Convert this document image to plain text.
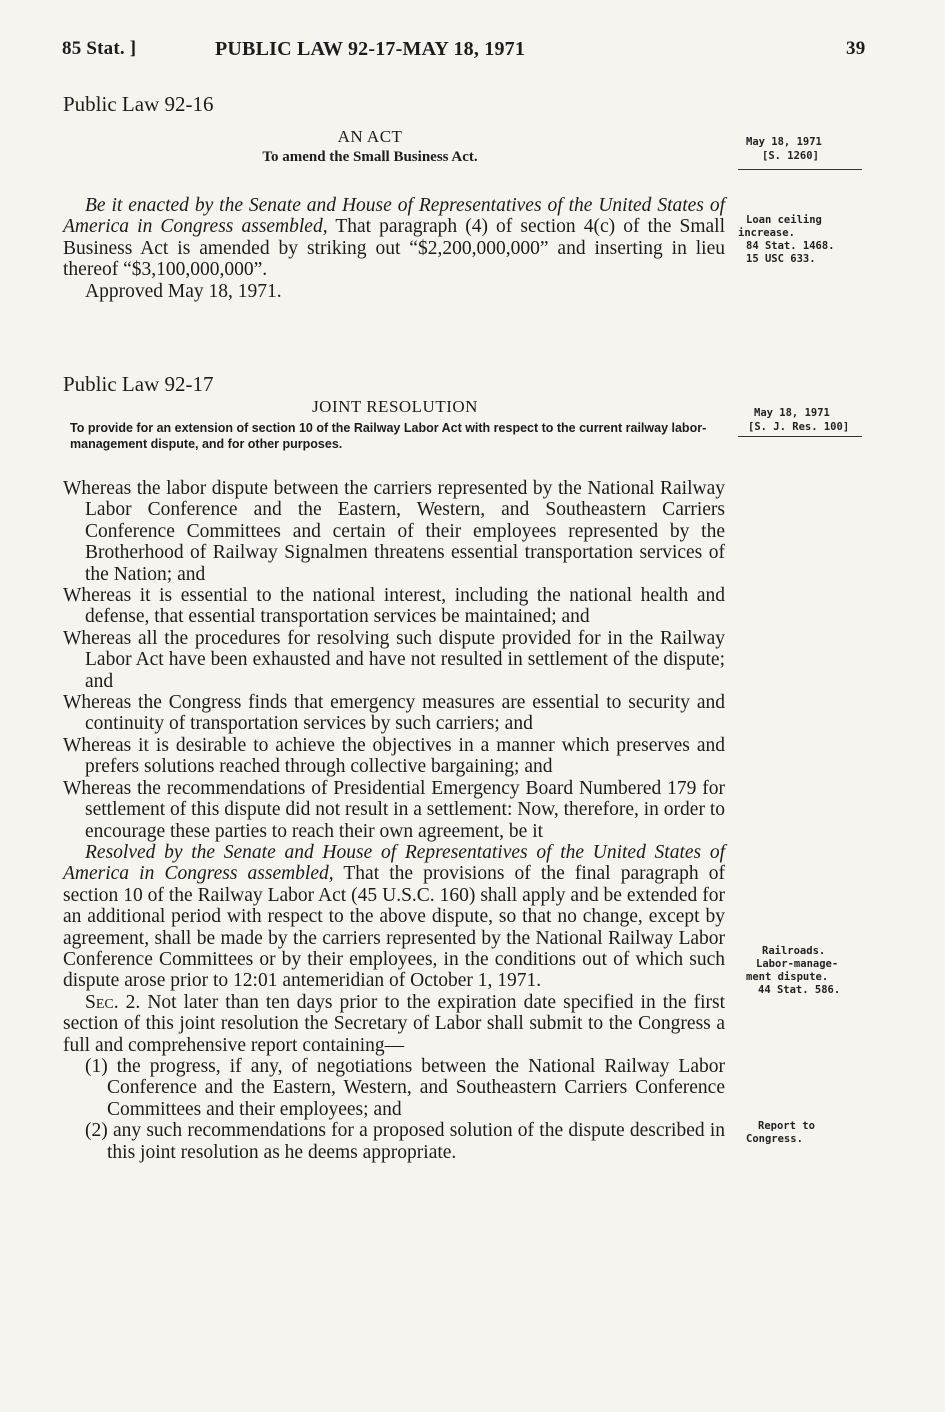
85 Stat. ]	PUBLIC LAW 92-17-MAY 18, 1971	39
Public Law 92-16
AN ACT
To amend the Small Business Act.
May 18, 1971
[S. 1260]

Be it enacted by the Senate and House of Representatives of the United States of America in Congress assembled, That paragraph (4) of section 4(c) of the Small Business Act is amended by striking out “$2,200,000,000” and inserting in lieu thereof “$3,100,000,000”.

Approved May 18, 1971.

Loan ceiling
increase.
84 Stat. 1468.
15 USC 633.
Public Law 92-17
JOINT RESOLUTION
To provide for an extension of section 10 of the Railway Labor Act with respect to the current railway labor-management dispute, and for other purposes.
May 18, 1971
[S. J. Res. 100]

Whereas the labor dispute between the carriers represented by the National Railway Labor Conference and the Eastern, Western, and Southeastern Carriers Conference Committees and certain of their employees represented by the Brotherhood of Railway Signalmen threatens essential transportation services of the Nation; and

Whereas it is essential to the national interest, including the national health and defense, that essential transportation services be maintained; and

Whereas all the procedures for resolving such dispute provided for in the Railway Labor Act have been exhausted and have not resulted in settlement of the dispute; and

Whereas the Congress finds that emergency measures are essential to security and continuity of transportation services by such carriers; and

Whereas it is desirable to achieve the objectives in a manner which preserves and prefers solutions reached through collective bargaining; and

Whereas the recommendations of Presidential Emergency Board Numbered 179 for settlement of this dispute did not result in a settlement: Now, therefore, in order to encourage these parties to reach their own agreement, be it

Resolved by the Senate and House of Representatives of the United States of America in Congress assembled, That the provisions of the final paragraph of section 10 of the Railway Labor Act (45 U.S.C. 160) shall apply and be extended for an additional period with respect to the above dispute, so that no change, except by agreement, shall be made by the carriers represented by the National Railway Labor Conference Committees or by their employees, in the conditions out of which such dispute arose prior to 12:01 antemeridian of October 1, 1971.

Sec. 2. Not later than ten days prior to the expiration date specified in the first section of this joint resolution the Secretary of Labor shall submit to the Congress a full and comprehensive report containing—

(1) the progress, if any, of negotiations between the National Railway Labor Conference and the Eastern, Western, and Southeastern Carriers Conference Committees and their employees; and

(2) any such recommendations for a proposed solution of the dispute described in this joint resolution as he deems appropriate.

Railroads.
Labor-manage-
ment dispute.
44 Stat. 586.
Report to
Congress.
